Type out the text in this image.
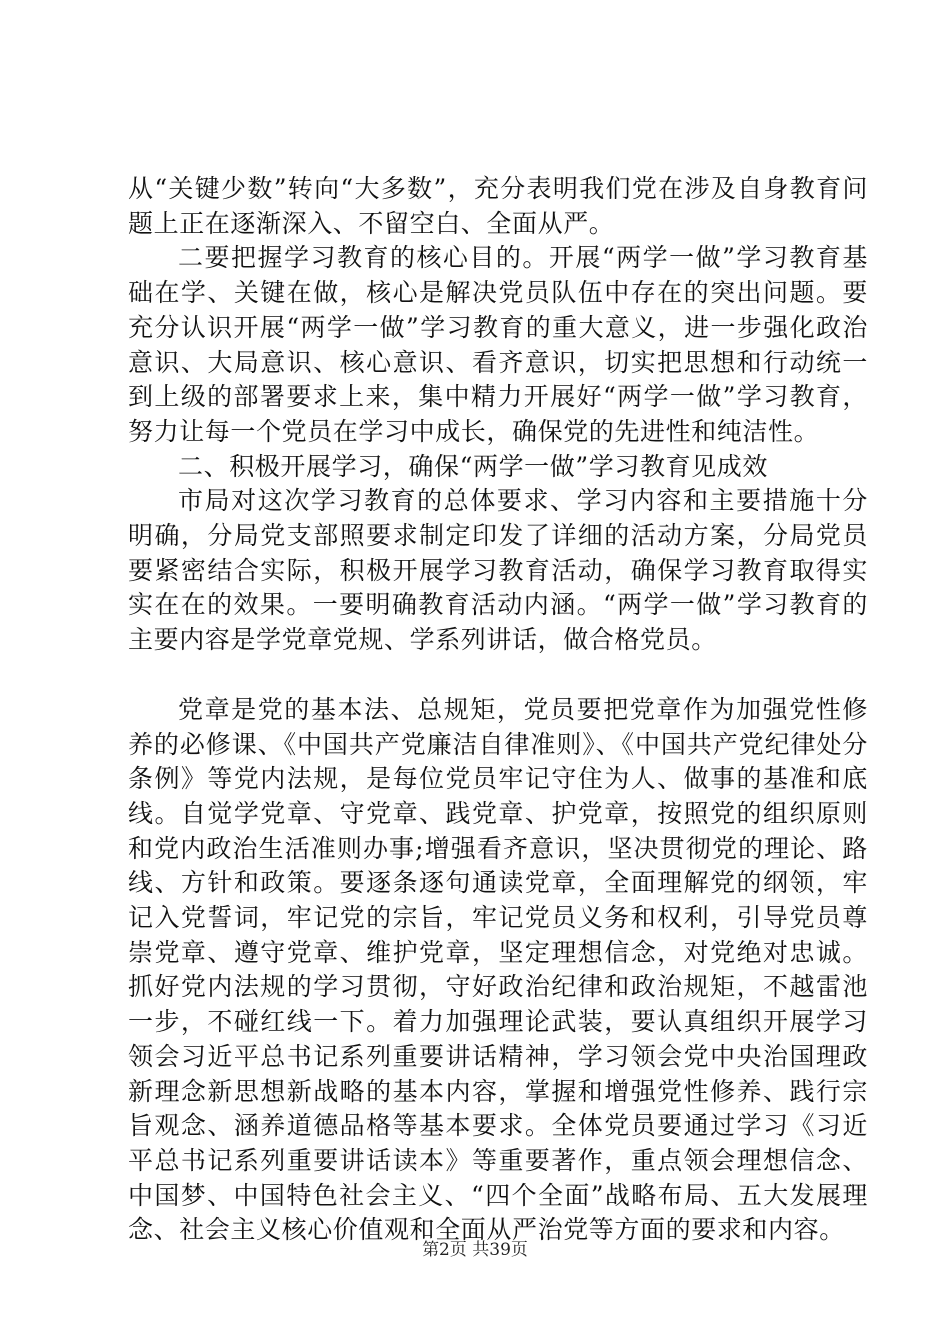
从“关键少数”转向“大多数”，充分表明我们党在涉及自身教育问题上正在逐渐深入、不留空白、全面从严。

二要把握学习教育的核心目的。开展“两学一做”学习教育基础在学、关键在做，核心是解决党员队伍中存在的突出问题。要充分认识开展“两学一做”学习教育的重大意义，进一步强化政治意识、大局意识、核心意识、看齐意识，切实把思想和行动统一到上级的部署要求上来，集中精力开展好“两学一做”学习教育，努力让每一个党员在学习中成长，确保党的先进性和纯洁性。

二、积极开展学习，确保“两学一做”学习教育见成效

市局对这次学习教育的总体要求、学习内容和主要措施十分明确，分局党支部照要求制定印发了详细的活动方案，分局党员要紧密结合实际，积极开展学习教育活动，确保学习教育取得实实在在的效果。一要明确教育活动内涵。“两学一做”学习教育的主要内容是学党章党规、学系列讲话，做合格党员。

党章是党的基本法、总规矩，党员要把党章作为加强党性修养的必修课、《中国共产党廉洁自律准则》、《中国共产党纪律处分条例》等党内法规，是每位党员牢记守住为人、做事的基准和底线。自觉学党章、守党章、践党章、护党章，按照党的组织原则和党内政治生活准则办事;增强看齐意识，坚决贯彻党的理论、路线、方针和政策。要逐条逐句通读党章，全面理解党的纲领，牢记入党誓词，牢记党的宗旨，牢记党员义务和权利，引导党员尊崇党章、遵守党章、维护党章，坚定理想信念，对党绝对忠诚。抓好党内法规的学习贯彻，守好政治纪律和政治规矩，不越雷池一步，不碰红线一下。着力加强理论武装，要认真组织开展学习领会习近平总书记系列重要讲话精神，学习领会党中央治国理政新理念新思想新战略的基本内容，掌握和增强党性修养、践行宗旨观念、涵养道德品格等基本要求。全体党员要通过学习《习近平总书记系列重要讲话读本》等重要著作，重点领会理想信念、中国梦、中国特色社会主义、“四个全面”战略布局、五大发展理念、社会主义核心价值观和全面从严治党等方面的要求和内容。

第2页 共39页
